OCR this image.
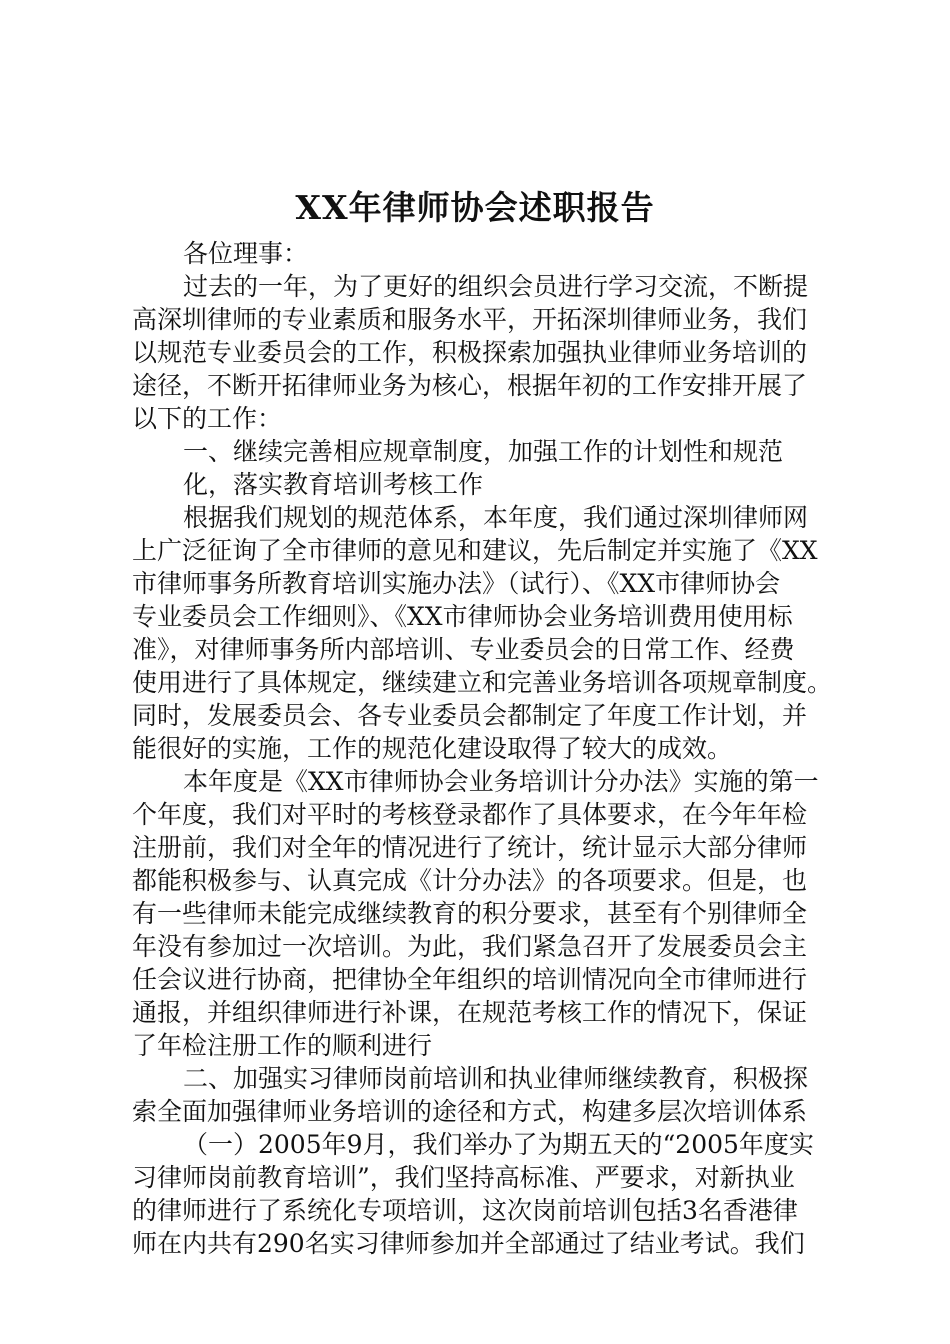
XX年律师协会述职报告
各位理事：
过去的一年，为了更好的组织会员进行学习交流，不断提
高深圳律师的专业素质和服务水平，开拓深圳律师业务，我们
以规范专业委员会的工作，积极探索加强执业律师业务培训的
途径，不断开拓律师业务为核心，根据年初的工作安排开展了
以下的工作：
一、继续完善相应规章制度，加强工作的计划性和规范
化，落实教育培训考核工作
根据我们规划的规范体系，本年度，我们通过深圳律师网
上广泛征询了全市律师的意见和建议，先后制定并实施了《XX
市律师事务所教育培训实施办法》（试行）、《XX市律师协会
专业委员会工作细则》、《XX市律师协会业务培训费用使用标
准》，对律师事务所内部培训、专业委员会的日常工作、经费
使用进行了具体规定，继续建立和完善业务培训各项规章制度。
同时，发展委员会、各专业委员会都制定了年度工作计划，并
能很好的实施，工作的规范化建设取得了较大的成效。
本年度是《XX市律师协会业务培训计分办法》实施的第一
个年度，我们对平时的考核登录都作了具体要求，在今年年检
注册前，我们对全年的情况进行了统计，统计显示大部分律师
都能积极参与、认真完成《计分办法》的各项要求。但是，也
有一些律师未能完成继续教育的积分要求，甚至有个别律师全
年没有参加过一次培训。为此，我们紧急召开了发展委员会主
任会议进行协商，把律协全年组织的培训情况向全市律师进行
通报，并组织律师进行补课，在规范考核工作的情况下，保证
了年检注册工作的顺利进行
二、加强实习律师岗前培训和执业律师继续教育，积极探
索全面加强律师业务培训的途径和方式，构建多层次培训体系
（一）2005年9月，我们举办了为期五天的“2005年度实
习律师岗前教育培训”，我们坚持高标准、严要求，对新执业
的律师进行了系统化专项培训，这次岗前培训包括3名香港律
师在内共有290名实习律师参加并全部通过了结业考试。我们
